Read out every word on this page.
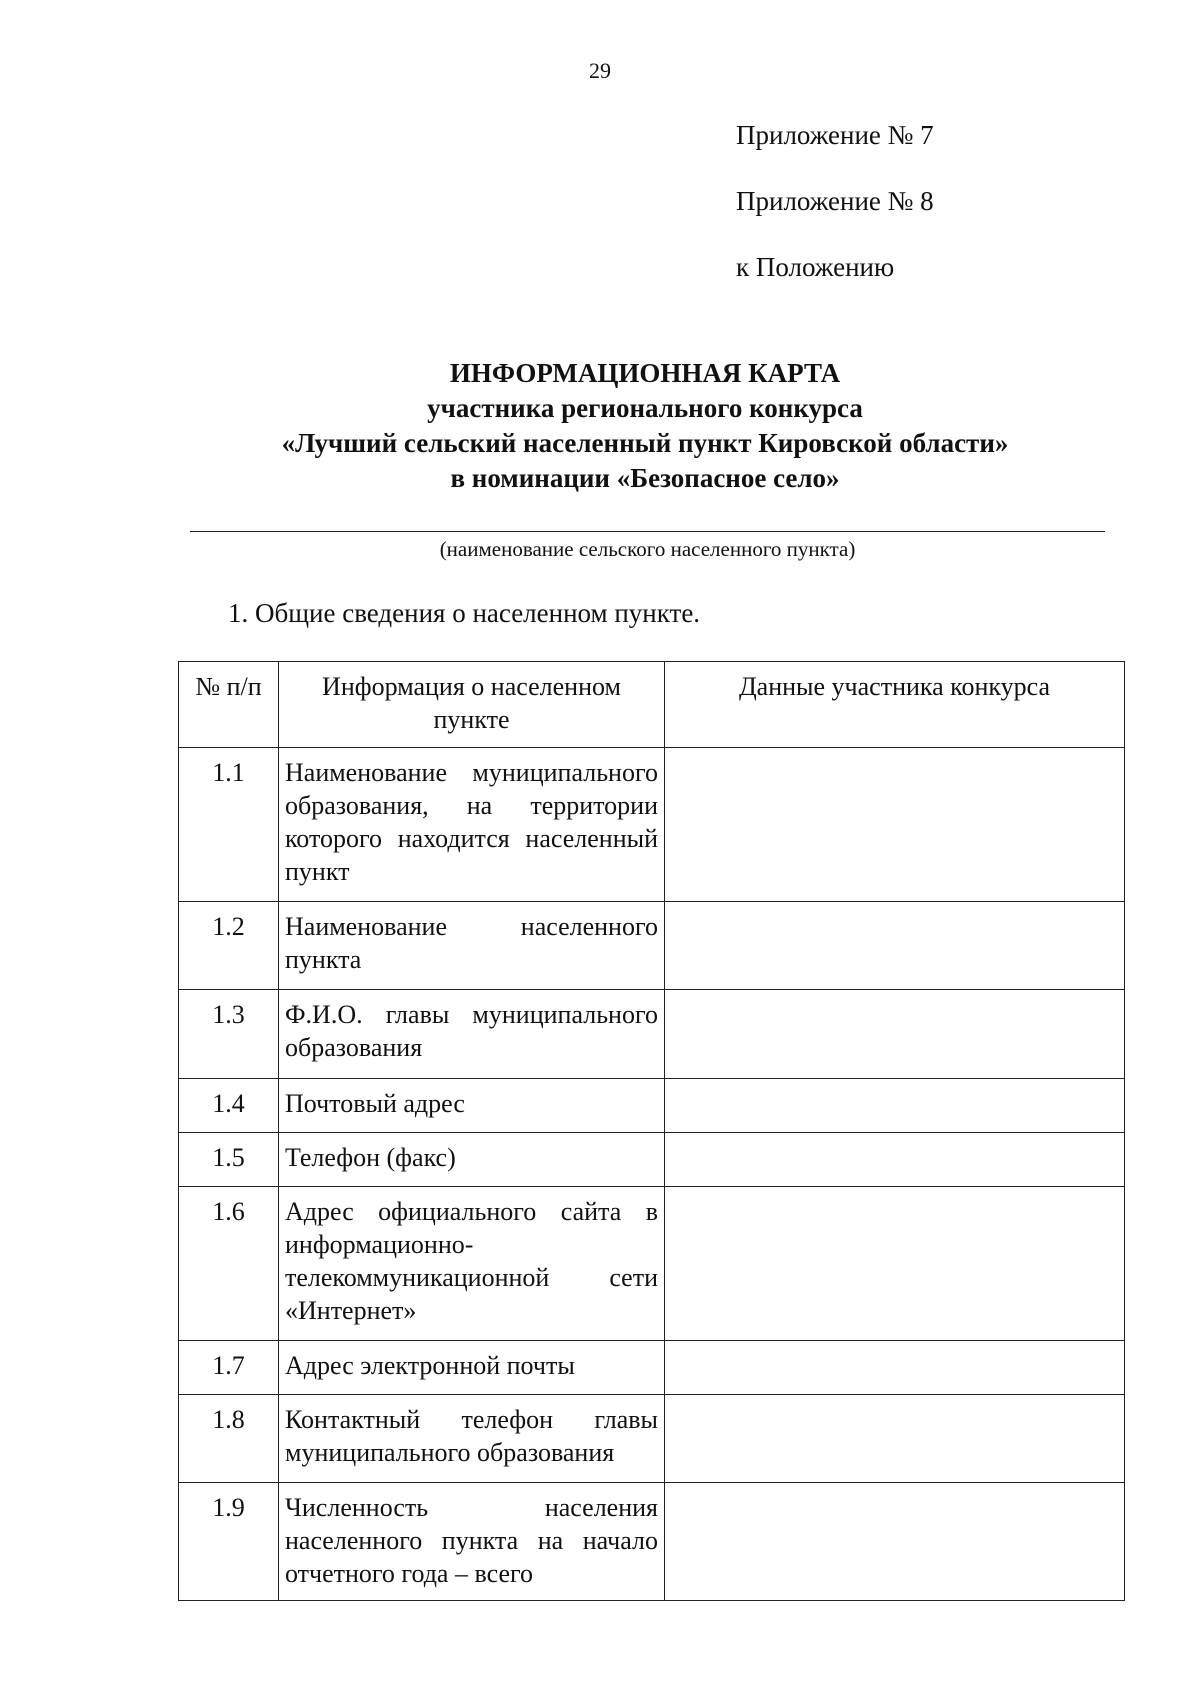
29
Приложение № 7
Приложение № 8
к Положению
ИНФОРМАЦИОННАЯ КАРТА
участника регионального конкурса
«Лучший сельский населенный пункт Кировской области»
в номинации «Безопасное село»
(наименование сельского населенного пункта)
1. Общие сведения о населенном пункте.
№ п/п	Информация о населенном пункте	Данные участника конкурса
1.1	Наименование муниципального образования, на территории которого находится населенный пункт	
1.2	Наименование населенного пункта	
1.3	Ф.И.О. главы муниципального образования	
1.4	Почтовый адрес	
1.5	Телефон (факс)	
1.6	Адрес официального сайта в информационно-телекоммуникационной сети «Интернет»	
1.7	Адрес электронной почты	
1.8	Контактный телефон главы муниципального образования	
1.9	Численность населения населенного пункта на начало отчетного года – всего	
